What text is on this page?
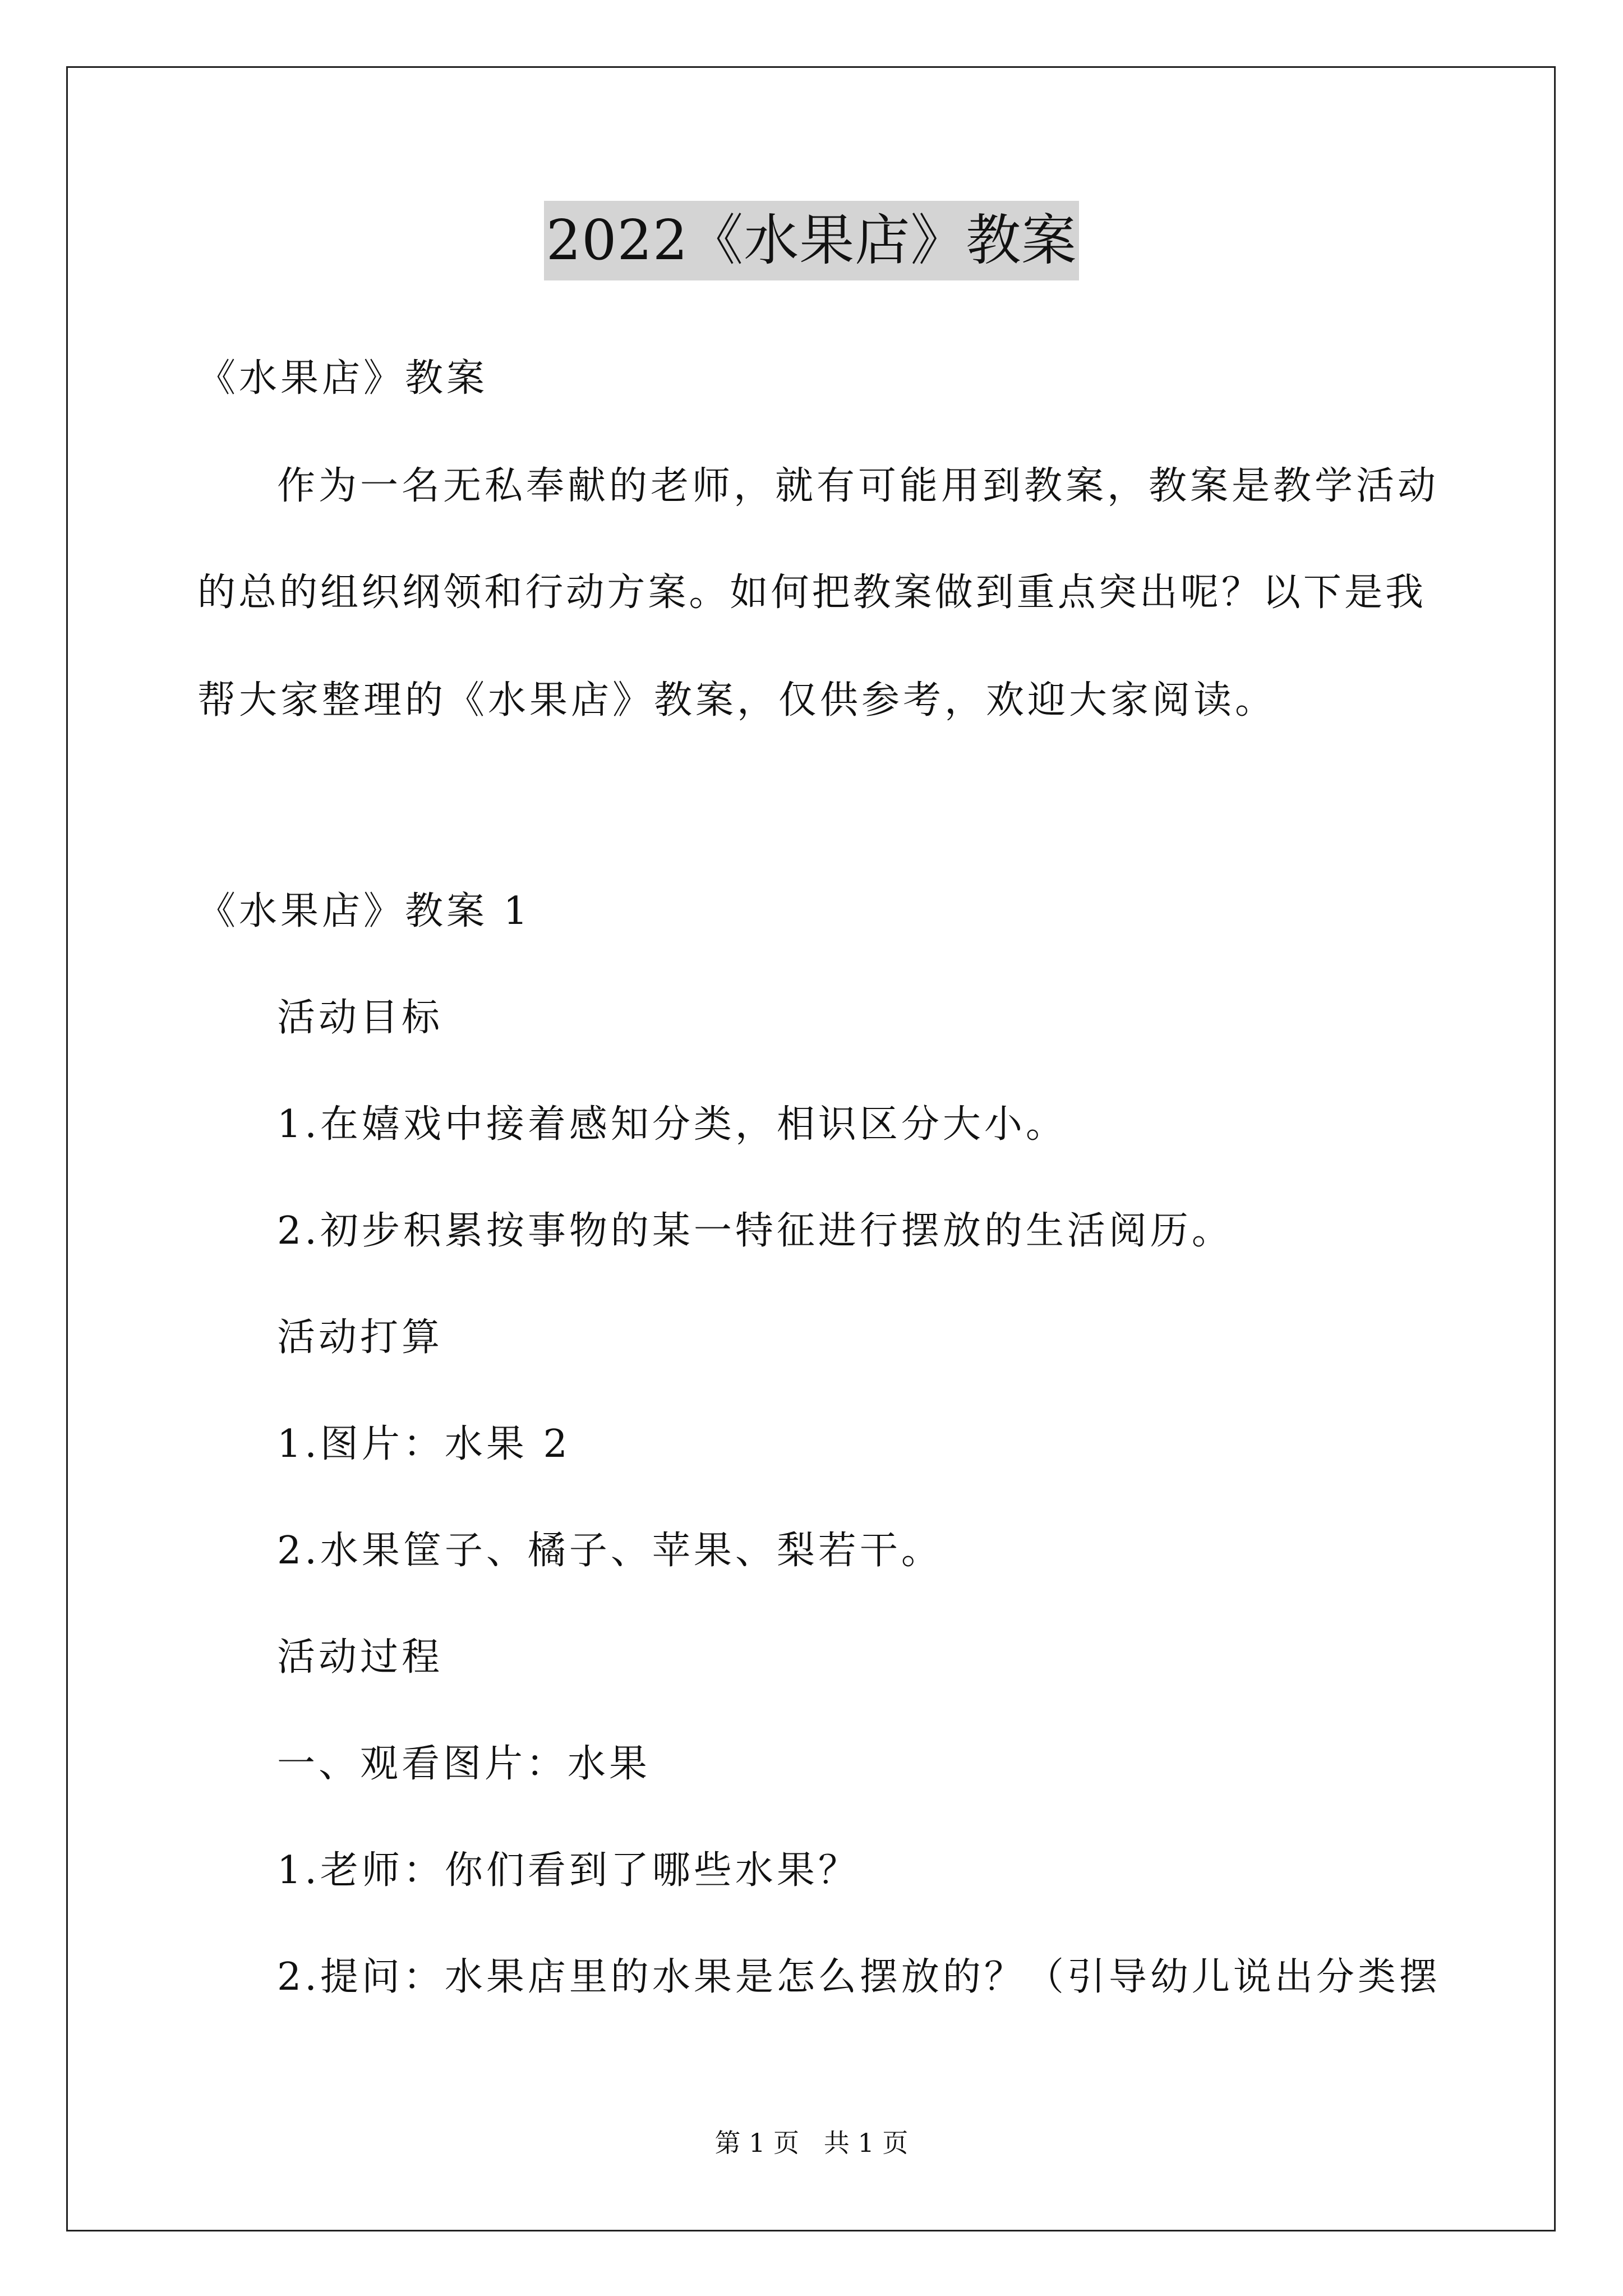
2022《水果店》教案
《水果店》教案
作为一名无私奉献的老师，就有可能用到教案，教案是教学活动
的总的组织纲领和行动方案。如何把教案做到重点突出呢？以下是我
帮大家整理的《水果店》教案，仅供参考，欢迎大家阅读。
《水果店》教案 1
活动目标
1.在嬉戏中接着感知分类，相识区分大小。
2.初步积累按事物的某一特征进行摆放的生活阅历。
活动打算
1.图片：水果 2
2.水果筐子、橘子、苹果、梨若干。
活动过程
一、观看图片：水果
1.老师：你们看到了哪些水果？
2.提问：水果店里的水果是怎么摆放的？（引导幼儿说出分类摆
第 1 页   共 1 页
